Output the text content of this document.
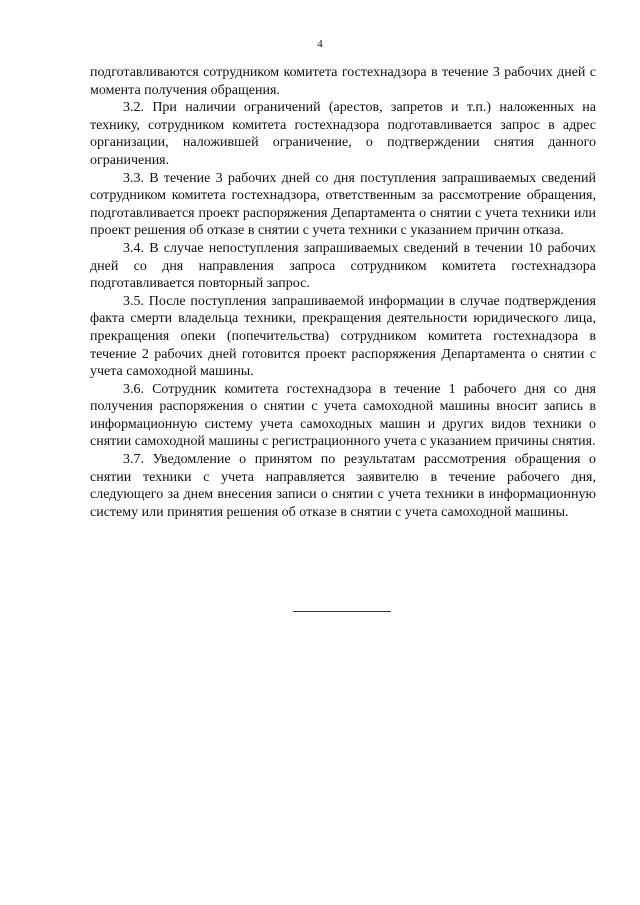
4

подготавливаются сотрудником комитета гостехнадзора в течение 3 рабочих дней с момента получения обращения.

3.2. При наличии ограничений (арестов, запретов и т.п.) наложенных на технику, сотрудником комитета гостехнадзора подготавливается запрос в адрес организации, наложившей ограничение, о подтверждении снятия данного ограничения.

3.3. В течение 3 рабочих дней со дня поступления запрашиваемых сведений сотрудником комитета гостехнадзора, ответственным за рассмотрение обращения, подготавливается проект распоряжения Департамента о снятии с учета техники или проект решения об отказе в снятии с учета техники с указанием причин отказа.

3.4. В случае непоступления запрашиваемых сведений в течении 10 рабочих дней со дня направления запроса сотрудником комитета гостехнадзора подготавливается повторный запрос.

3.5. После поступления запрашиваемой информации в случае подтверждения факта смерти владельца техники, прекращения деятельности юридического лица, прекращения опеки (попечительства) сотрудником комитета гостехнадзора в течение 2 рабочих дней готовится проект распоряжения Департамента о снятии с учета самоходной машины.

3.6. Сотрудник комитета гостехнадзора в течение 1 рабочего дня со дня получения распоряжения о снятии с учета самоходной машины вносит запись в информационную систему учета самоходных машин и других видов техники о снятии самоходной машины с регистрационного учета с указанием причины снятия.

3.7. Уведомление о принятом по результатам рассмотрения обращения о снятии техники с учета направляется заявителю в течение рабочего дня, следующего за днем внесения записи о снятии с учета техники в информационную систему или принятия решения об отказе в снятии с учета самоходной машины.
